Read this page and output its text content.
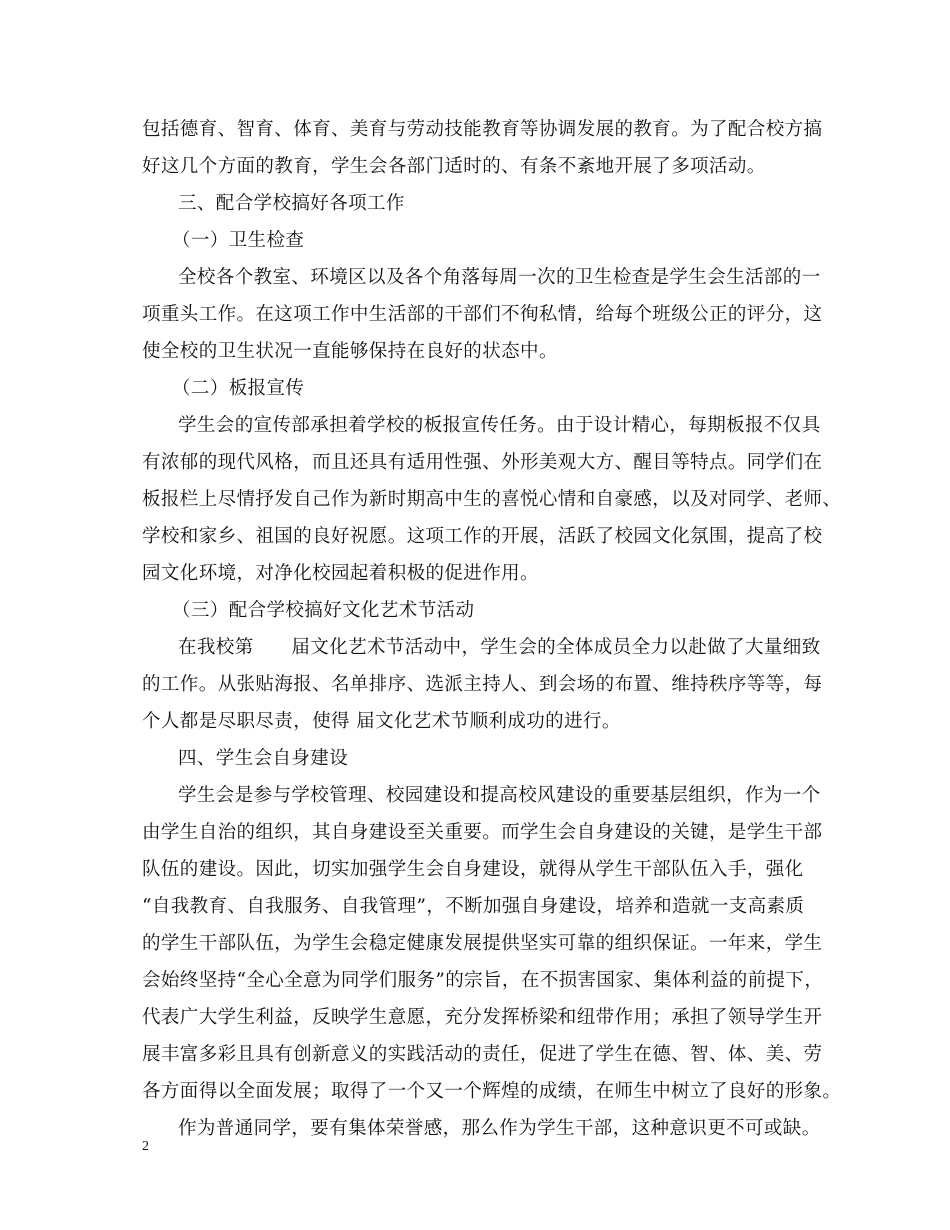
包括德育、智育、体育、美育与劳动技能教育等协调发展的教育。为了配合校方搞
好这几个方面的教育，学生会各部门适时的、有条不紊地开展了多项活动。
三、配合学校搞好各项工作
（一）卫生检查
全校各个教室、环境区以及各个角落每周一次的卫生检查是学生会生活部的一
项重头工作。在这项工作中生活部的干部们不徇私情，给每个班级公正的评分，这
使全校的卫生状况一直能够保持在良好的状态中。
（二）板报宣传
学生会的宣传部承担着学校的板报宣传任务。由于设计精心，每期板报不仅具
有浓郁的现代风格，而且还具有适用性强、外形美观大方、醒目等特点。同学们在
板报栏上尽情抒发自己作为新时期高中生的喜悦心情和自豪感，以及对同学、老师、
学校和家乡、祖国的良好祝愿。这项工作的开展，活跃了校园文化氛围，提高了校
园文化环境，对净化校园起着积极的促进作用。
（三）配合学校搞好文化艺术节活动
在我校第　　届文化艺术节活动中，学生会的全体成员全力以赴做了大量细致
的工作。从张贴海报、名单排序、选派主持人、到会场的布置、维持秩序等等，每
个人都是尽职尽责，使得 届文化艺术节顺利成功的进行。
四、学生会自身建设
学生会是参与学校管理、校园建设和提高校风建设的重要基层组织，作为一个
由学生自治的组织，其自身建设至关重要。而学生会自身建设的关键，是学生干部
队伍的建设。因此，切实加强学生会自身建设，就得从学生干部队伍入手，强化
“自我教育、自我服务、自我管理”，不断加强自身建设，培养和造就一支高素质
的学生干部队伍，为学生会稳定健康发展提供坚实可靠的组织保证。一年来，学生
会始终坚持“全心全意为同学们服务”的宗旨，在不损害国家、集体利益的前提下，
代表广大学生利益，反映学生意愿，充分发挥桥梁和纽带作用；承担了领导学生开
展丰富多彩且具有创新意义的实践活动的责任，促进了学生在德、智、体、美、劳
各方面得以全面发展；取得了一个又一个辉煌的成绩，在师生中树立了良好的形象。
作为普通同学，要有集体荣誉感，那么作为学生干部，这种意识更不可或缺。
2
